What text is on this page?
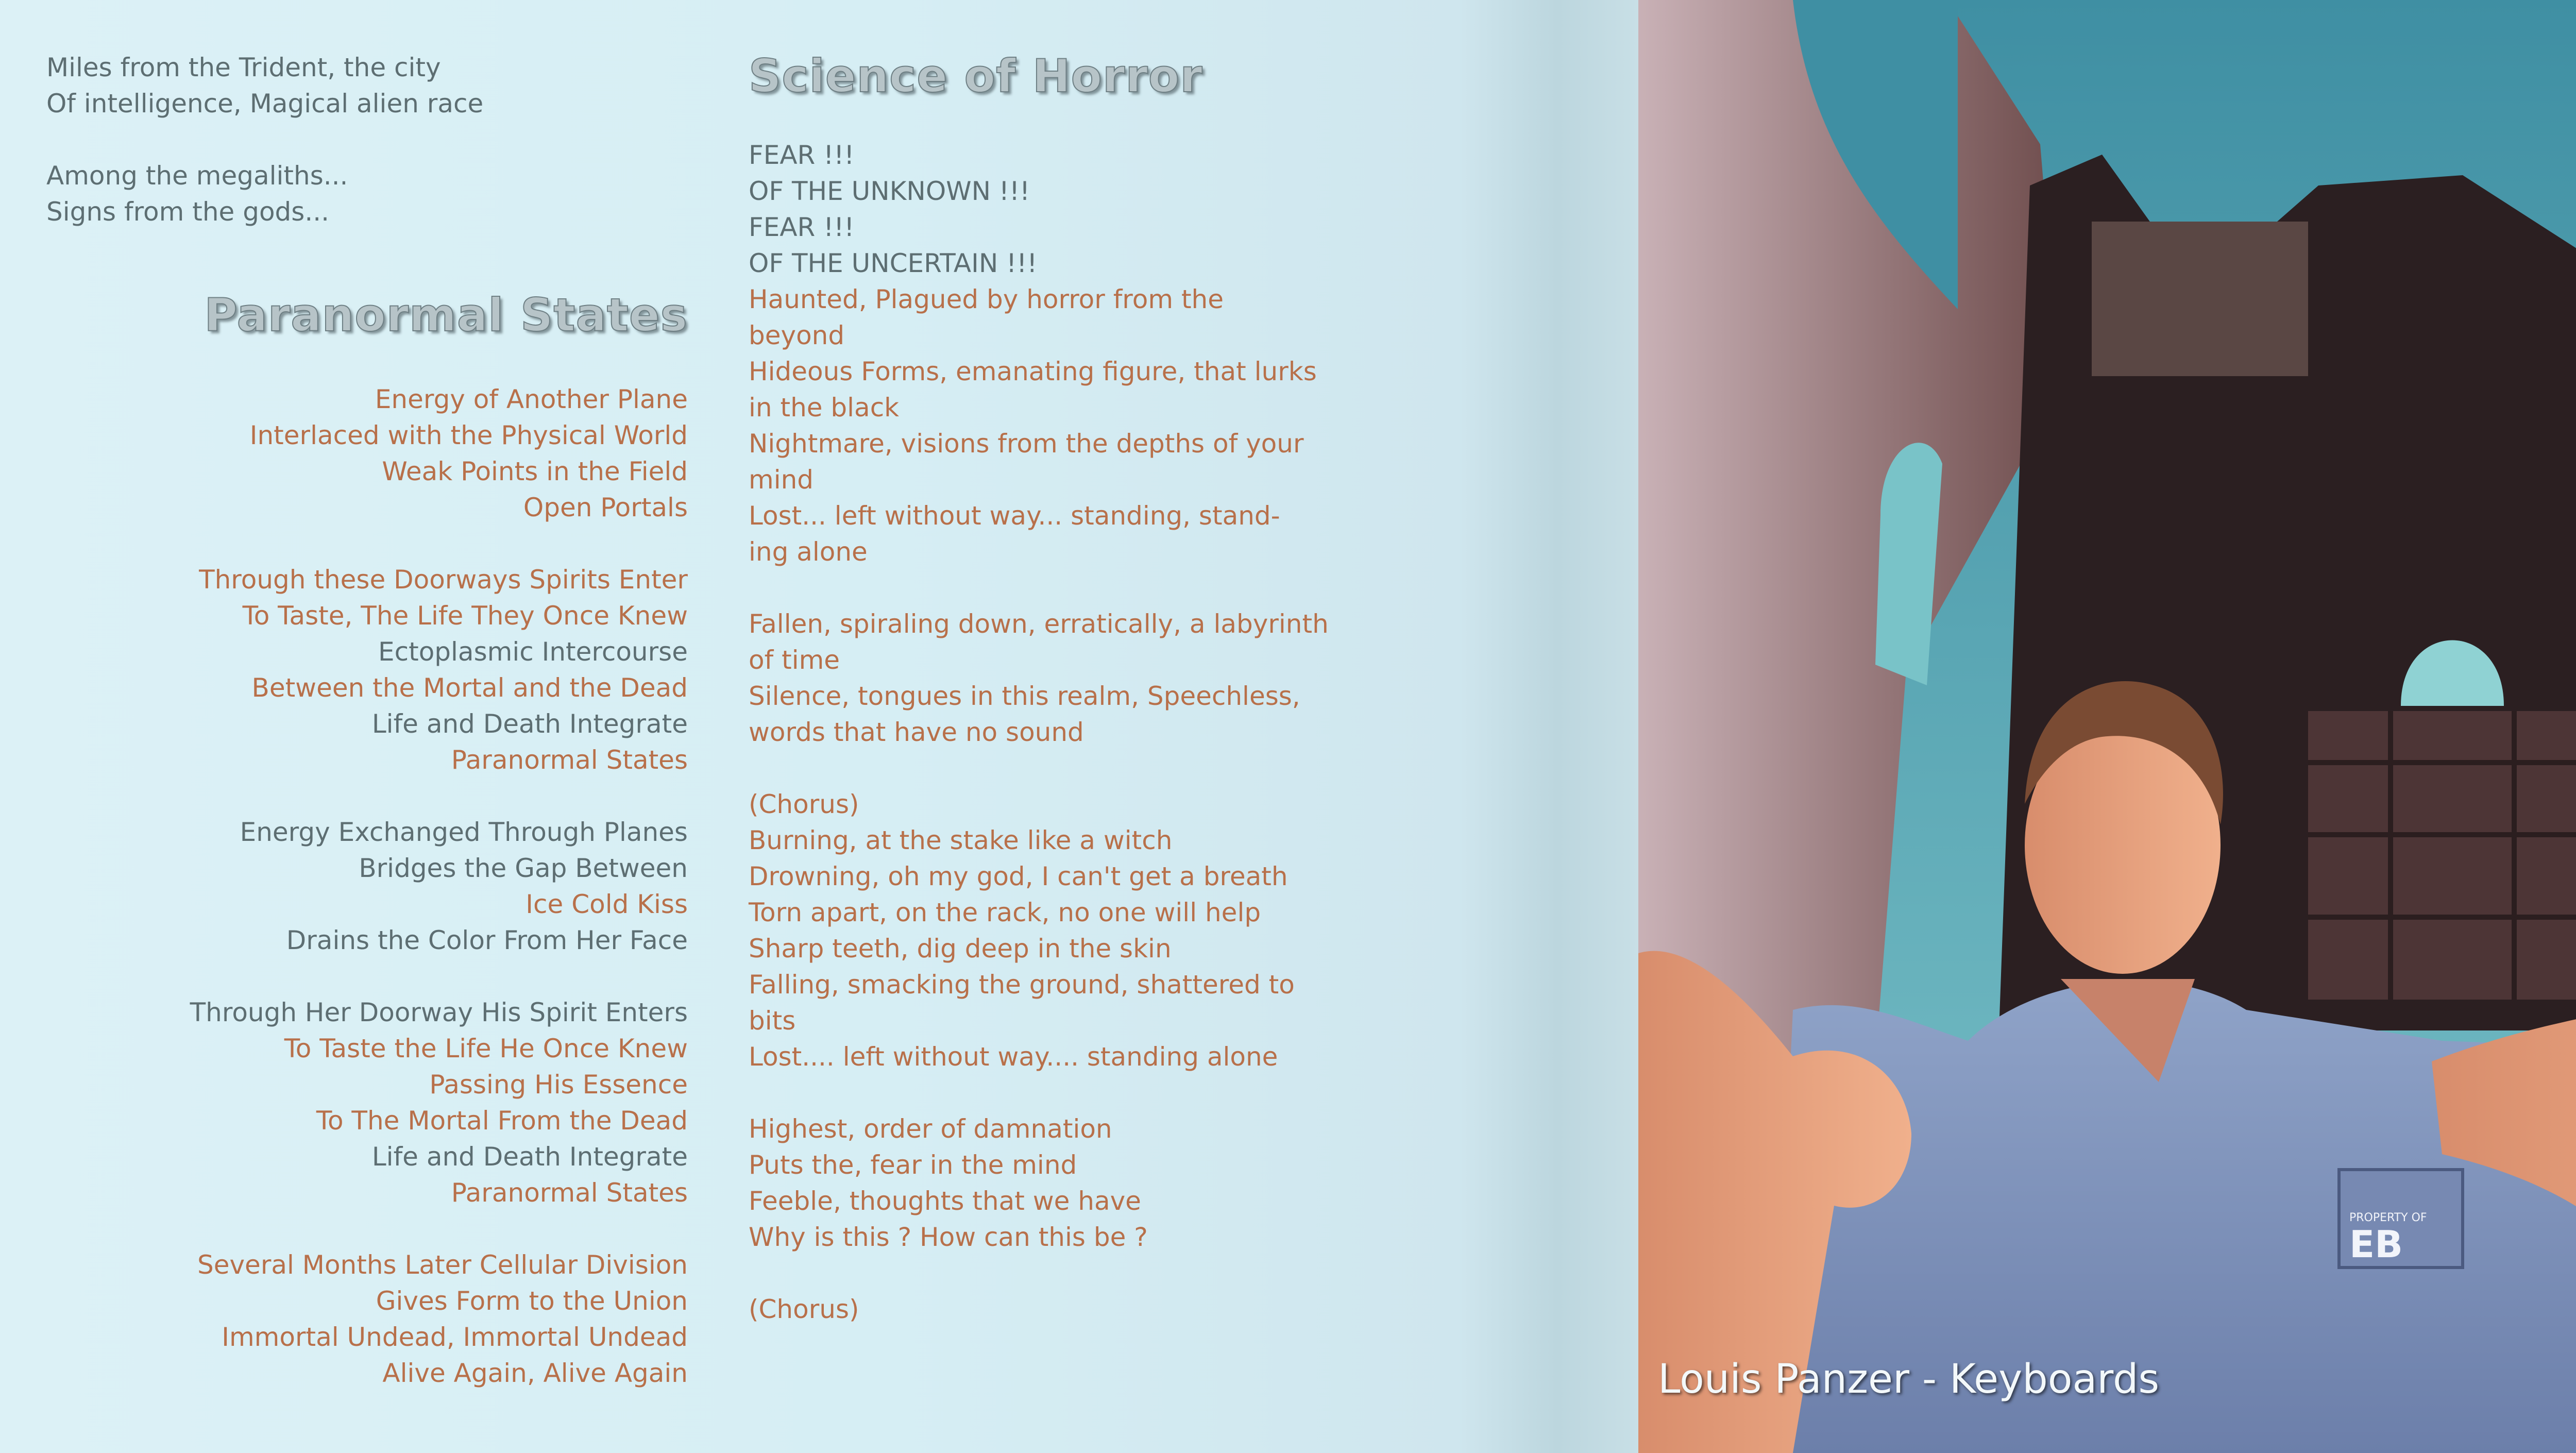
Miles from the Trident, the city
Of intelligence, Magical alien race
Among the megaliths...
Signs from the gods...
Paranormal States
Energy of Another Plane
Interlaced with the Physical World
Weak Points in the Field
Open Portals
Through these Doorways Spirits Enter
To Taste, The Life They Once Knew
Ectoplasmic Intercourse
Between the Mortal and the Dead
Life and Death Integrate
Paranormal States
Energy Exchanged Through Planes
Bridges the Gap Between
Ice Cold Kiss
Drains the Color From Her Face
Through Her Doorway His Spirit Enters
To Taste the Life He Once Knew
Passing His Essence
To The Mortal From the Dead
Life and Death Integrate
Paranormal States
Several Months Later Cellular Division
Gives Form to the Union
Immortal Undead, Immortal Undead
Alive Again, Alive Again
Science of Horror
FEAR !!!
OF THE UNKNOWN !!!
FEAR !!!
OF THE UNCERTAIN !!!
Haunted, Plagued by horror from the
beyond
Hideous Forms, emanating figure, that lurks
in the black
Nightmare, visions from the depths of your
mind
Lost... left without way... standing, stand-
ing alone
Fallen, spiraling down, erratically, a labyrinth
of time
Silence, tongues in this realm, Speechless,
words that have no sound
(Chorus)
Burning, at the stake like a witch
Drowning, oh my god, I can't get a breath
Torn apart, on the rack, no one will help
Sharp teeth, dig deep in the skin
Falling, smacking the ground, shattered to
bits
Lost.... left without way.... standing alone
Highest, order of damnation
Puts the, fear in the mind
Feeble, thoughts that we have
Why is this ? How can this be ?
(Chorus)
PROPERTY OF
EB
Louis Panzer - Keyboards
